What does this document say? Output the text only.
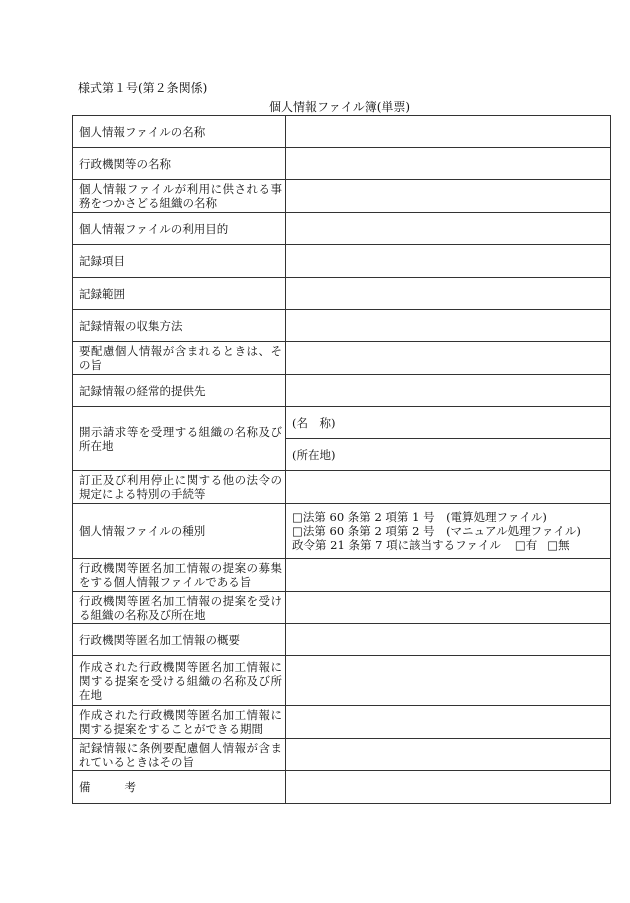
様式第１号(第２条関係)
個人情報ファイル簿(単票)
個人情報ファイルの名称	
行政機関等の名称	
個人情報ファイルが利用に供される事務をつかさどる組織の名称	
個人情報ファイルの利用目的	
記録項目	
記録範囲	
記録情報の収集方法	
要配慮個人情報が含まれるときは、その旨	
記録情報の経常的提供先	
開示請求等を受理する組織の名称及び所在地	(名　称)
	(所在地)
訂正及び利用停止に関する他の法令の規定による特別の手続等	
個人情報ファイルの種別	□法第 60 条第 2 項第 1 号　(電算処理ファイル)
□法第 60 条第 2 項第 2 号　(マニュアル処理ファイル)
政令第 21 条第 7 項に該当するファイル □有 □無

行政機関等匿名加工情報の提案の募集をする個人情報ファイルである旨	
行政機関等匿名加工情報の提案を受ける組織の名称及び所在地	
行政機関等匿名加工情報の概要	
作成された行政機関等匿名加工情報に関する提案を受ける組織の名称及び所在地	
作成された行政機関等匿名加工情報に関する提案をすることができる期間	
記録情報に条例要配慮個人情報が含まれているときはその旨	
備 考	
